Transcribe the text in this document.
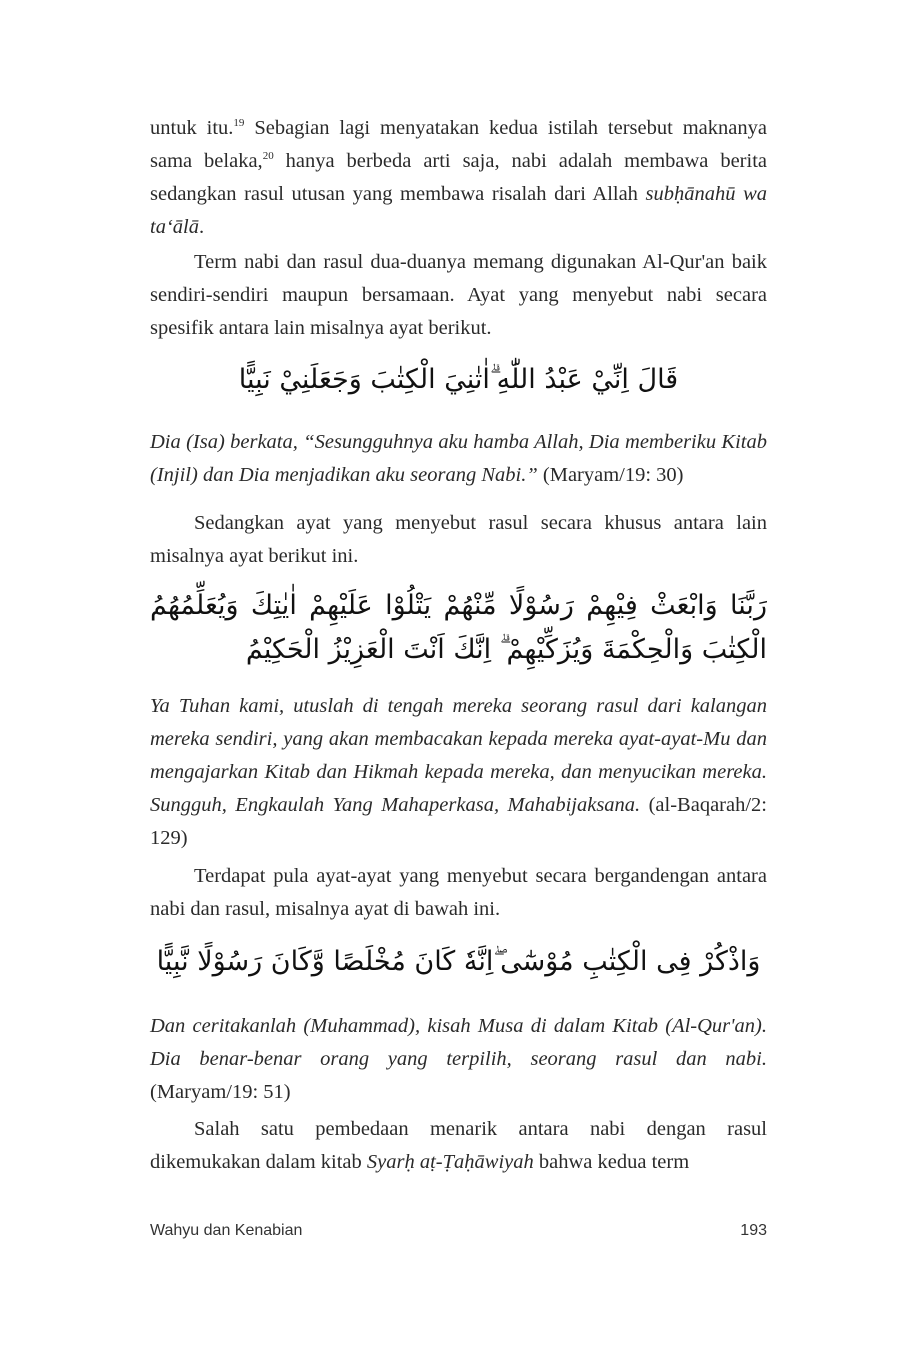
untuk itu.$^{19}$ Sebagian lagi menyatakan kedua istilah tersebut maknanya sama belaka,$^{20}$ hanya berbeda arti saja, nabi adalah membawa berita sedangkan rasul utusan yang membawa risalah dari Allah subḥānahū wa ta‘ālā.
Term nabi dan rasul dua-duanya memang digunakan Al-Qur'an baik sendiri-sendiri maupun bersamaan. Ayat yang menyebut nabi secara spesifik antara lain misalnya ayat berikut.
قَالَ اِنِّيْ عَبْدُ اللّٰهِ ۗاٰتٰنِيَ الْكِتٰبَ وَجَعَلَنِيْ نَبِيًّا
Dia (Isa) berkata, “Sesungguhnya aku hamba Allah, Dia memberiku Kitab (Injil) dan Dia menjadikan aku seorang Nabi.” (Maryam/19: 30)
Sedangkan ayat yang menyebut rasul secara khusus antara lain misalnya ayat berikut ini.
رَبَّنَا وَابْعَثْ فِيْهِمْ رَسُوْلًا مِّنْهُمْ يَتْلُوْا عَلَيْهِمْ اٰيٰتِكَ وَيُعَلِّمُهُمُ الْكِتٰبَ وَالْحِكْمَةَ وَيُزَكِّيْهِمْ ۗ اِنَّكَ اَنْتَ الْعَزِيْزُ الْحَكِيْمُ
Ya Tuhan kami, utuslah di tengah mereka seorang rasul dari kalangan mereka sendiri, yang akan membacakan kepada mereka ayat-ayat-Mu dan mengajarkan Kitab dan Hikmah kepada mereka, dan menyucikan mereka. Sungguh, Engkaulah Yang Mahaperkasa, Mahabijaksana. (al-Baqarah/2: 129)
Terdapat pula ayat-ayat yang menyebut secara bergandengan antara nabi dan rasul, misalnya ayat di bawah ini.
وَاذْكُرْ فِى الْكِتٰبِ مُوْسٰٓى ۖاِنَّهٗ كَانَ مُخْلَصًا وَّكَانَ رَسُوْلًا نَّبِيًّا
Dan ceritakanlah (Muhammad), kisah Musa di dalam Kitab (Al-Qur'an). Dia benar-benar orang yang terpilih, seorang rasul dan nabi. (Maryam/19: 51)
Salah satu pembedaan menarik antara nabi dengan rasul dikemukakan dalam kitab Syarḥ aṭ-Ṭaḥāwiyah bahwa kedua term
Wahyu dan Kenabian	193
